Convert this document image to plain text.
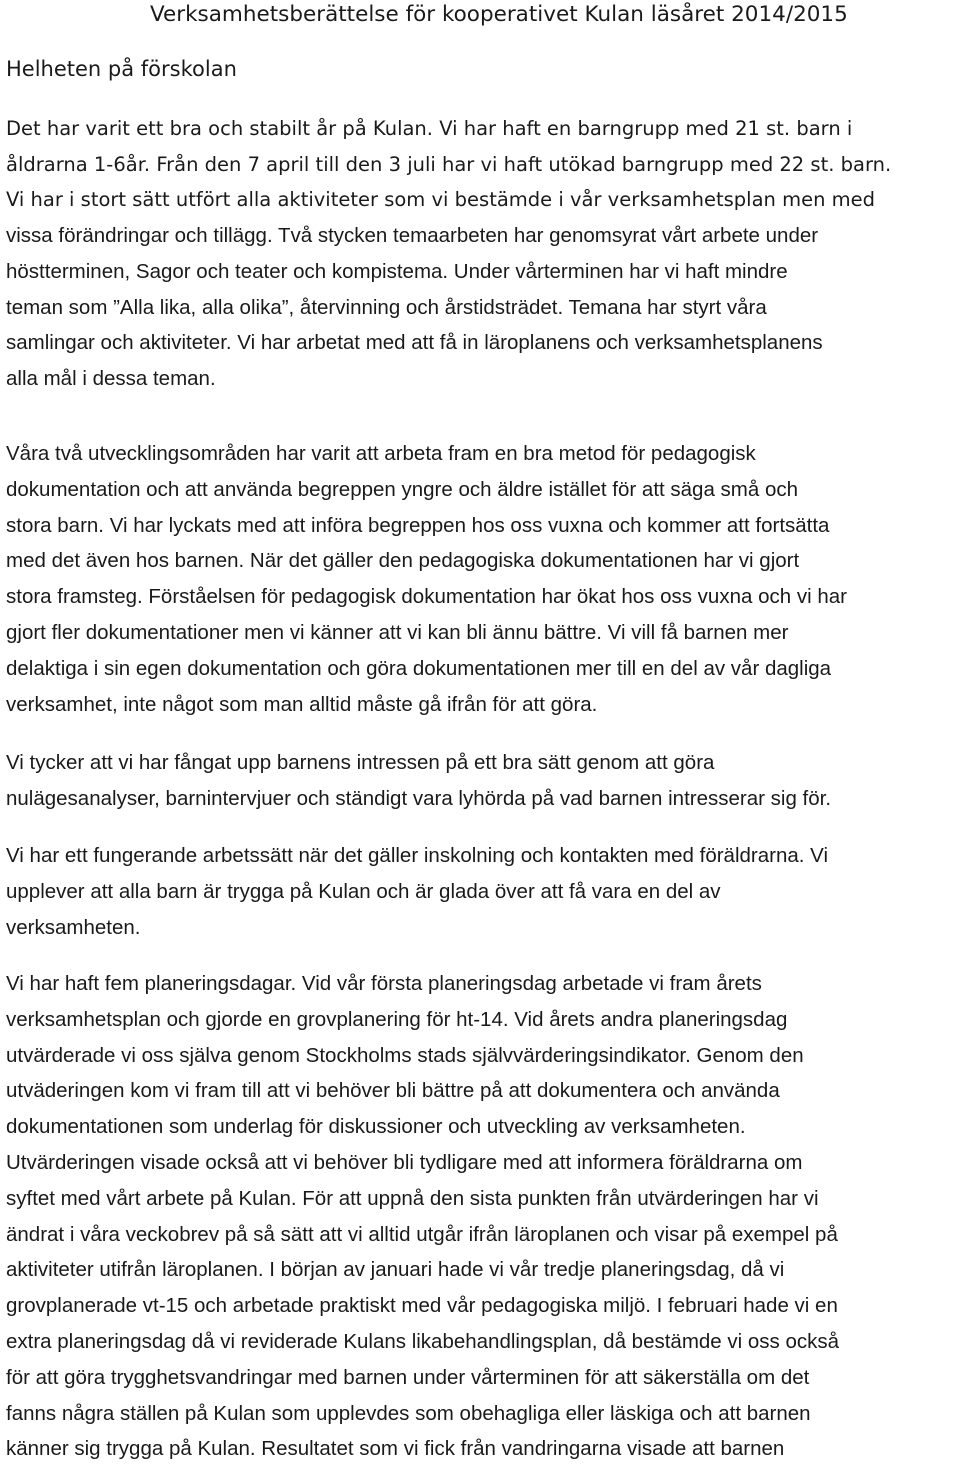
Verksamhetsberättelse för kooperativet Kulan läsåret 2014/2015
Helheten på förskolan

Det har varit ett bra och stabilt år på Kulan. Vi har haft en barngrupp med 21 st. barn i
åldrarna 1-6år. Från den 7 april till den 3 juli har vi haft utökad barngrupp med 22 st. barn.

Vi har i stort sätt utfört alla aktiviteter som vi bestämde i vår verksamhetsplan men med

vissa förändringar och tillägg. Två stycken temaarbeten har genomsyrat vårt arbete under
höstterminen, Sagor och teater och kompistema. Under vårterminen har vi haft mindre
teman som ”Alla lika, alla olika”, återvinning och årstidsträdet. Temana har styrt våra
samlingar och aktiviteter. Vi har arbetat med att få in läroplanens och verksamhetsplanens
alla mål i dessa teman.

Våra två utvecklingsområden har varit att arbeta fram en bra metod för pedagogisk
dokumentation och att använda begreppen yngre och äldre istället för att säga små och
stora barn. Vi har lyckats med att införa begreppen hos oss vuxna och kommer att fortsätta
med det även hos barnen. När det gäller den pedagogiska dokumentationen har vi gjort
stora framsteg. Förståelsen för pedagogisk dokumentation har ökat hos oss vuxna och vi har
gjort fler dokumentationer men vi känner att vi kan bli ännu bättre. Vi vill få barnen mer
delaktiga i sin egen dokumentation och göra dokumentationen mer till en del av vår dagliga
verksamhet, inte något som man alltid måste gå ifrån för att göra.

Vi tycker att vi har fångat upp barnens intressen på ett bra sätt genom att göra
nulägesanalyser, barnintervjuer och ständigt vara lyhörda på vad barnen intresserar sig för.

Vi har ett fungerande arbetssätt när det gäller inskolning och kontakten med föräldrarna. Vi
upplever att alla barn är trygga på Kulan och är glada över att få vara en del av
verksamheten.

Vi har haft fem planeringsdagar. Vid vår första planeringsdag arbetade vi fram årets
verksamhetsplan och gjorde en grovplanering för ht-14. Vid årets andra planeringsdag
utvärderade vi oss själva genom Stockholms stads självvärderingsindikator. Genom den
utväderingen kom vi fram till att vi behöver bli bättre på att dokumentera och använda
dokumentationen som underlag för diskussioner och utveckling av verksamheten.
Utvärderingen visade också att vi behöver bli tydligare med att informera föräldrarna om
syftet med vårt arbete på Kulan. För att uppnå den sista punkten från utvärderingen har vi
ändrat i våra veckobrev på så sätt att vi alltid utgår ifrån läroplanen och visar på exempel på
aktiviteter utifrån läroplanen. I början av januari hade vi vår tredje planeringsdag, då vi
grovplanerade vt-15 och arbetade praktiskt med vår pedagogiska miljö. I februari hade vi en
extra planeringsdag då vi reviderade Kulans likabehandlingsplan, då bestämde vi oss också
för att göra trygghetsvandringar med barnen under vårterminen för att säkerställa om det
fanns några ställen på Kulan som upplevdes som obehagliga eller läskiga och att barnen
känner sig trygga på Kulan. Resultatet som vi fick från vandringarna visade att barnen
